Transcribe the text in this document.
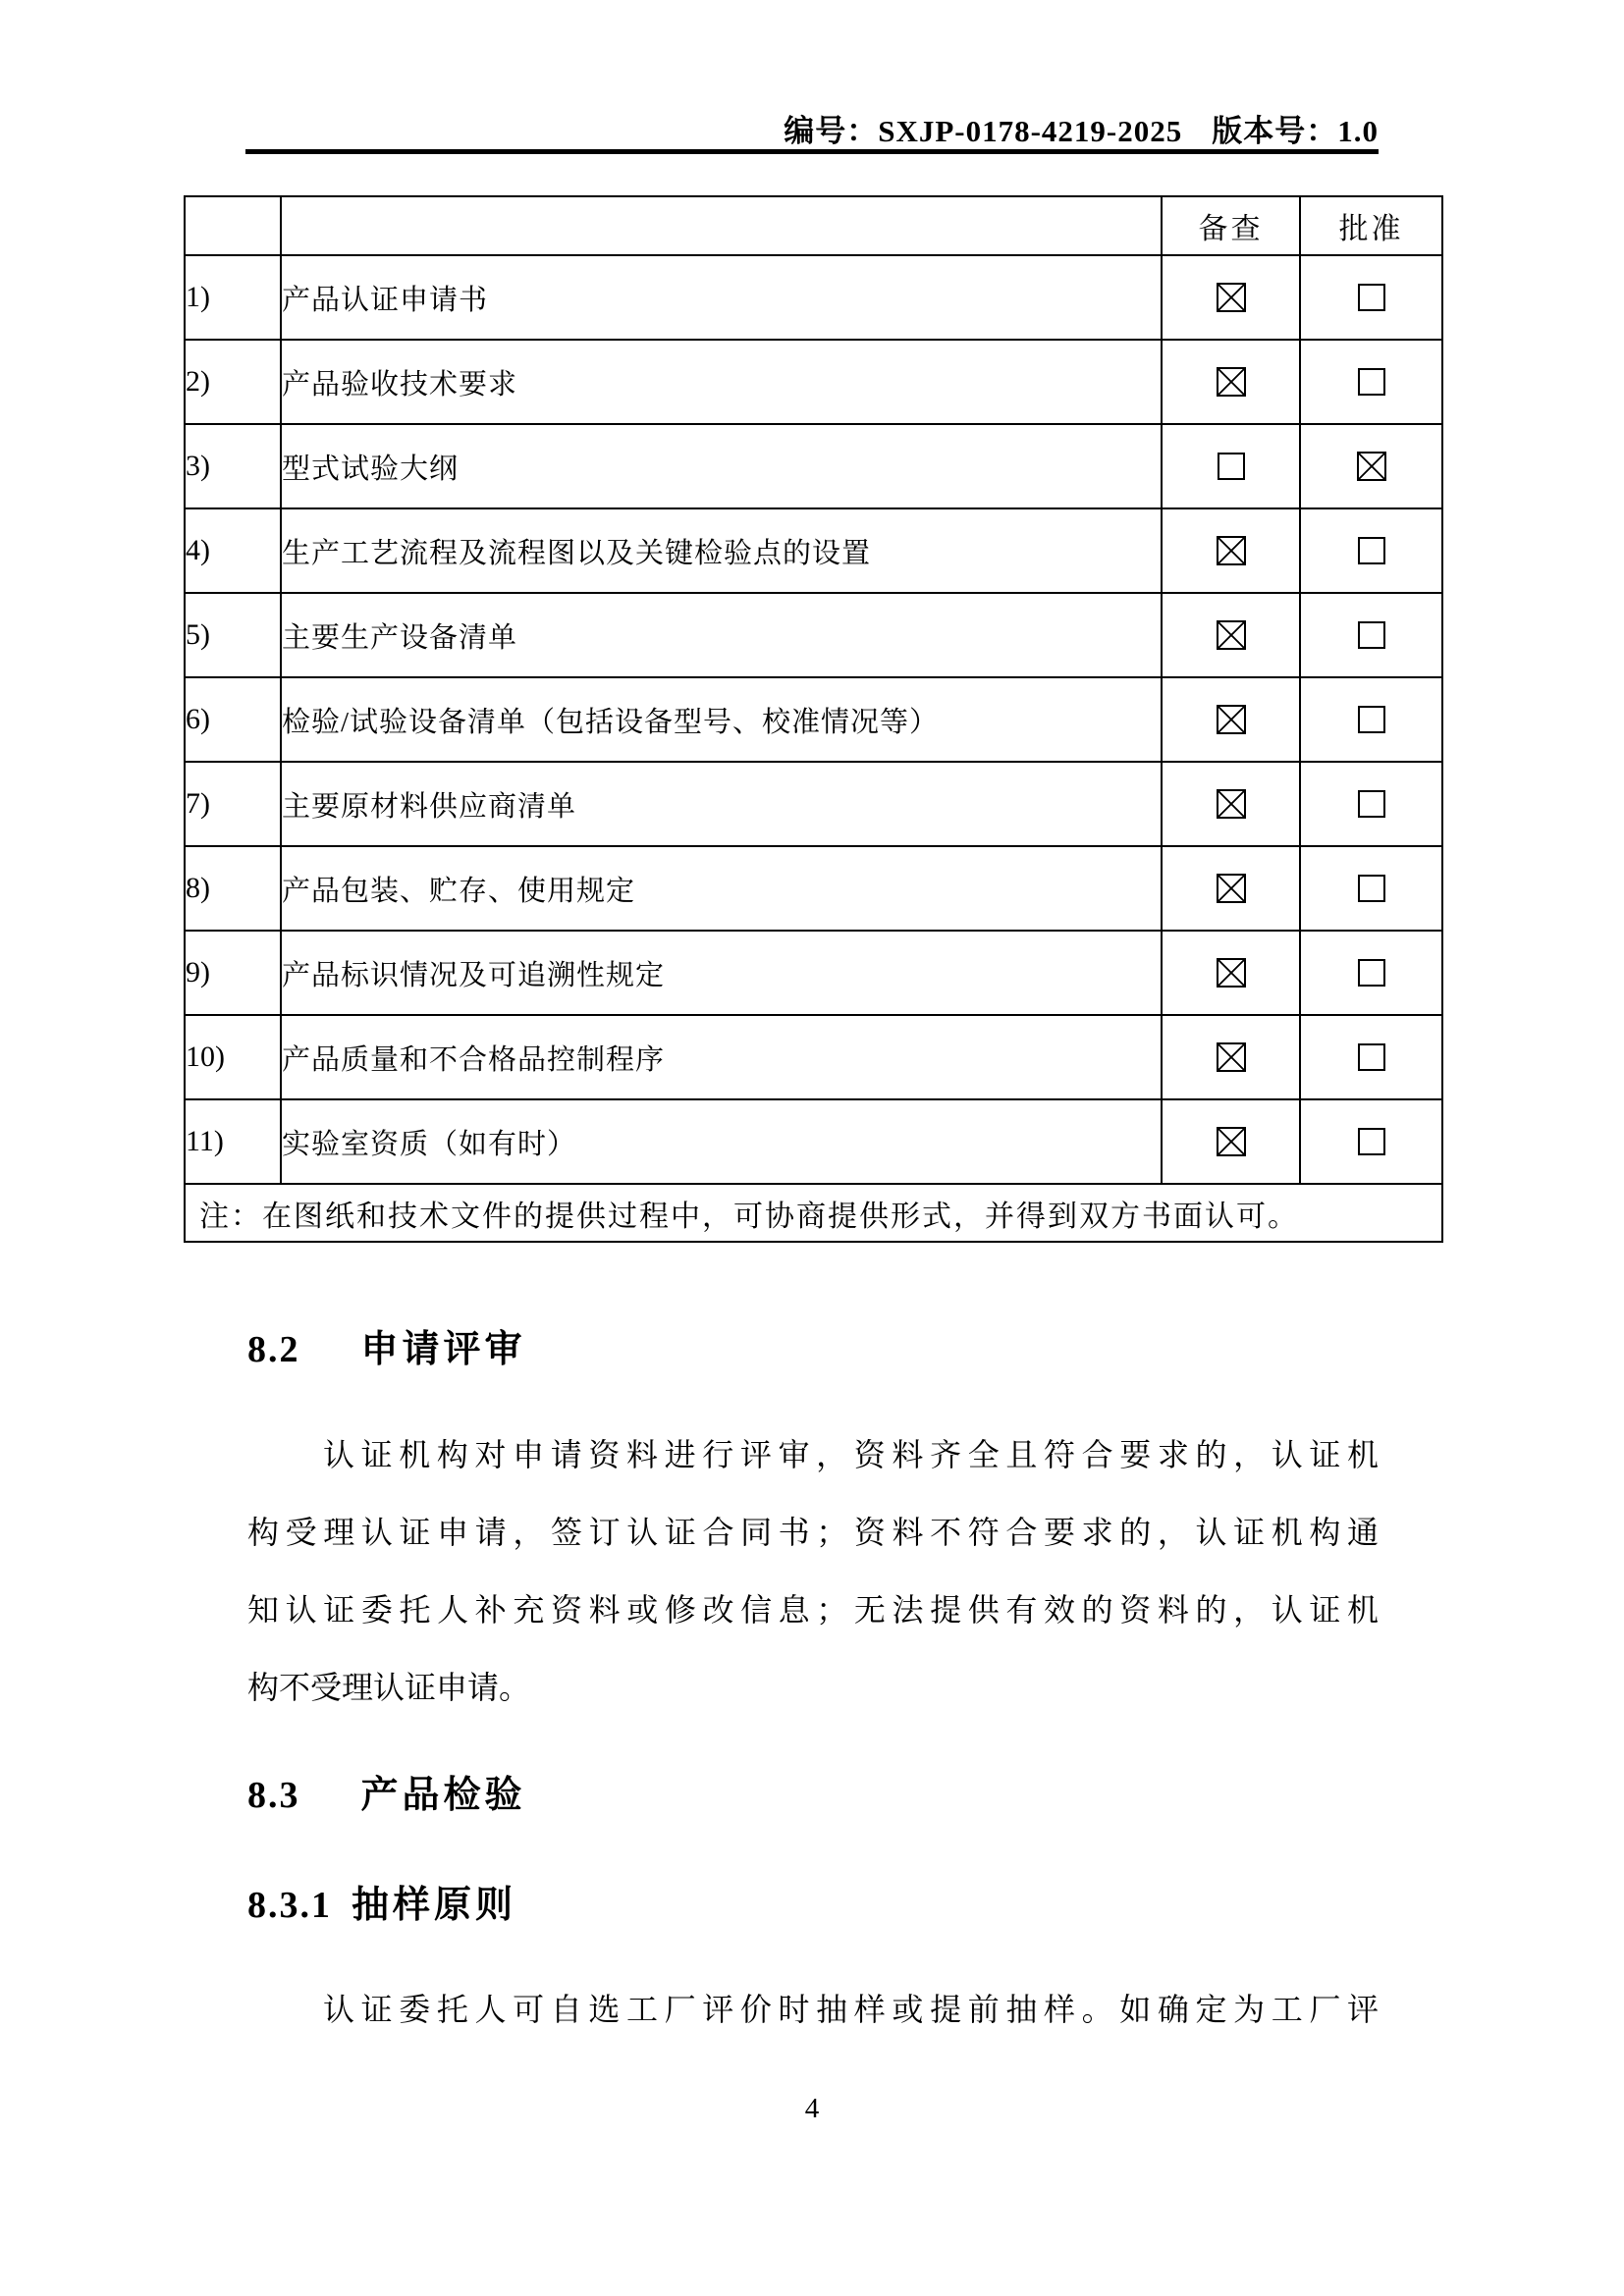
编号：SXJP-0178-4219-2025 版本号：1.0
		备查	批准
1)	产品认证申请书		
2)	产品验收技术要求		
3)	型式试验大纲		
4)	生产工艺流程及流程图以及关键检验点的设置		
5)	主要生产设备清单		
6)	检验/试验设备清单（包括设备型号、校准情况等）		
7)	主要原材料供应商清单		
8)	产品包装、贮存、使用规定		
9)	产品标识情况及可追溯性规定		
10)	产品质量和不合格品控制程序		
11)	实验室资质（如有时）		
注：在图纸和技术文件的提供过程中，可协商提供形式，并得到双方书面认可。			
8.2 申请评审
认证机构对申请资料进行评审，资料齐全且符合要求的，认证机
构受理认证申请，签订认证合同书；资料不符合要求的，认证机构通
知认证委托人补充资料或修改信息；无法提供有效的资料的，认证机
构不受理认证申请。
8.3 产品检验
8.3.1 抽样原则
认证委托人可自选工厂评价时抽样或提前抽样。如确定为工厂评
4
